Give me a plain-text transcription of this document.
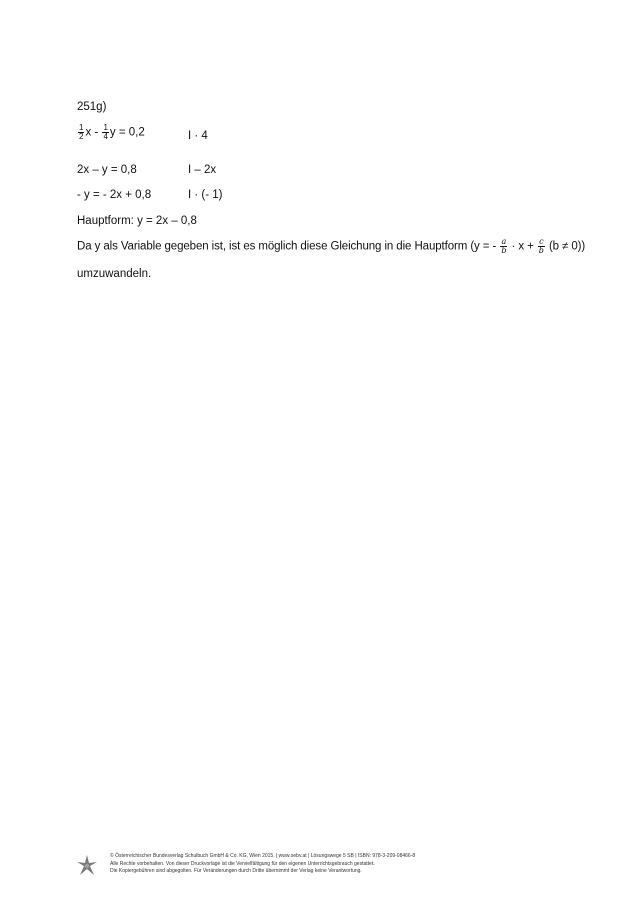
251g)
$\frac{1}{2}$ x - $\frac{1}{4}$ y = 0,2	I · 4
2x – y = 0,8	I – 2x
- y = - 2x + 0,8	I · (- 1)
Hauptform: y = 2x – 0,8
Da y als Variable gegeben ist, ist es möglich diese Gleichung in die Hauptform (y = - $\frac{a}{b} \cdot x + \frac{c}{b} (b \ne 0)$)
umzuwandeln.
© Österreichischer Bundesverlag Schulbuch GmbH & Co. KG, Wien 2015. | www.oebv.at | Lösungswege 5 SB | ISBN: 978-3-209-08466-8
Alle Rechte vorbehalten. Von dieser Druckvorlage ist die Vervielfältigung für den eigenen Unterrichtsgebrauch gestattet.
Die Kopiergebühren sind abgegolten. Für Veränderungen durch Dritte übernimmt der Verlag keine Verantwortung.
